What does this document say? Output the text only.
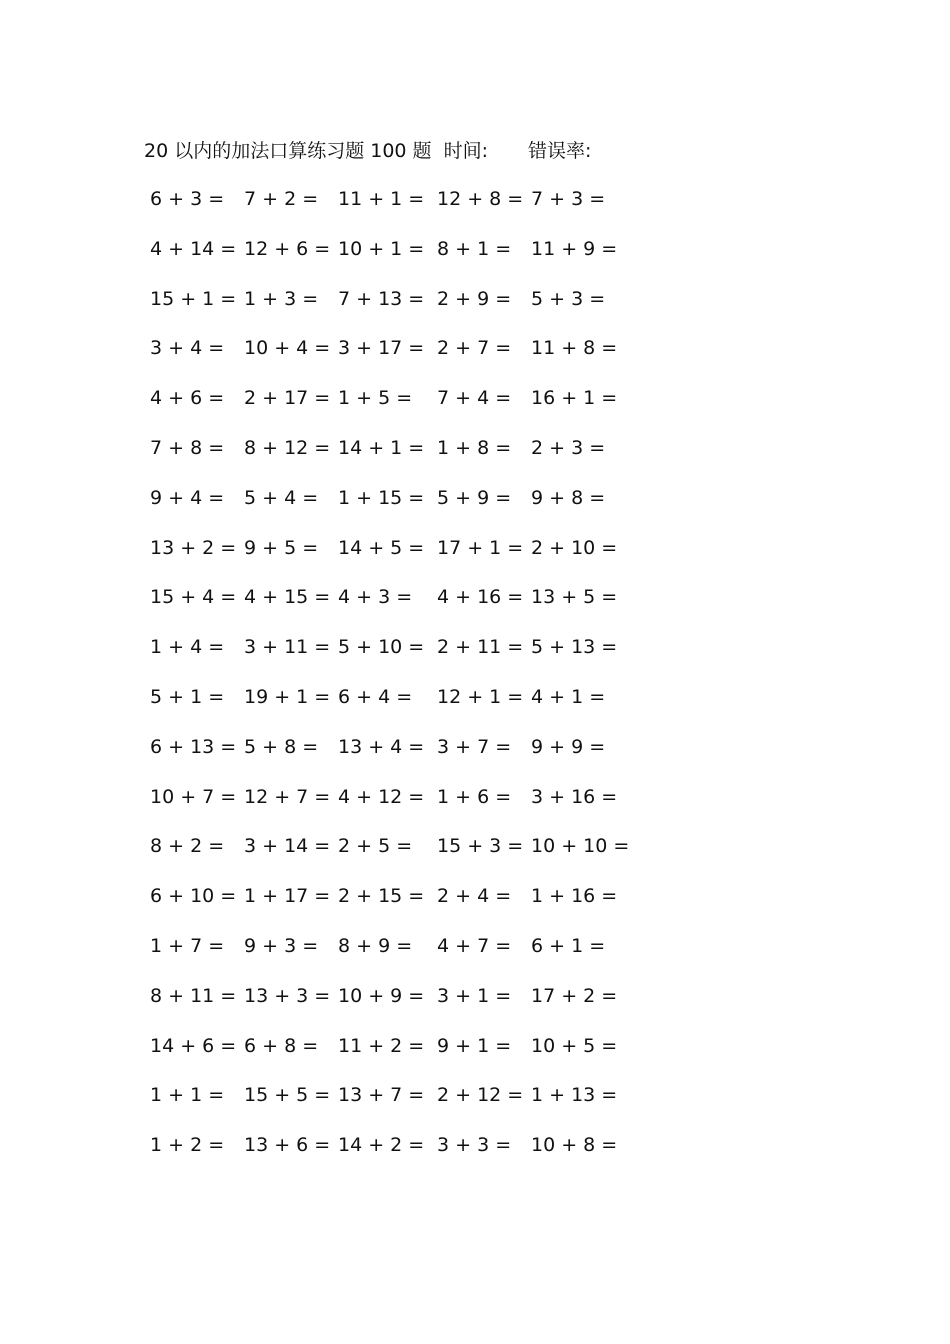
20 以内的加法口算练习题 100 题 时间: 错误率:
6 + 3 = 7 + 2 = 11 + 1 = 12 + 8 = 7 + 3 =
4 + 14 = 12 + 6 = 10 + 1 = 8 + 1 = 11 + 9 =
15 + 1 = 1 + 3 = 7 + 13 = 2 + 9 = 5 + 3 =
3 + 4 = 10 + 4 = 3 + 17 = 2 + 7 = 11 + 8 =
4 + 6 = 2 + 17 = 1 + 5 = 7 + 4 = 16 + 1 =
7 + 8 = 8 + 12 = 14 + 1 = 1 + 8 = 2 + 3 =
9 + 4 = 5 + 4 = 1 + 15 = 5 + 9 = 9 + 8 =
13 + 2 = 9 + 5 = 14 + 5 = 17 + 1 = 2 + 10 =
15 + 4 = 4 + 15 = 4 + 3 = 4 + 16 = 13 + 5 =
1 + 4 = 3 + 11 = 5 + 10 = 2 + 11 = 5 + 13 =
5 + 1 = 19 + 1 = 6 + 4 = 12 + 1 = 4 + 1 =
6 + 13 = 5 + 8 = 13 + 4 = 3 + 7 = 9 + 9 =
10 + 7 = 12 + 7 = 4 + 12 = 1 + 6 = 3 + 16 =
8 + 2 = 3 + 14 = 2 + 5 = 15 + 3 = 10 + 10 =
6 + 10 = 1 + 17 = 2 + 15 = 2 + 4 = 1 + 16 =
1 + 7 = 9 + 3 = 8 + 9 = 4 + 7 = 6 + 1 =
8 + 11 = 13 + 3 = 10 + 9 = 3 + 1 = 17 + 2 =
14 + 6 = 6 + 8 = 11 + 2 = 9 + 1 = 10 + 5 =
1 + 1 = 15 + 5 = 13 + 7 = 2 + 12 = 1 + 13 =
1 + 2 = 13 + 6 = 14 + 2 = 3 + 3 = 10 + 8 =
